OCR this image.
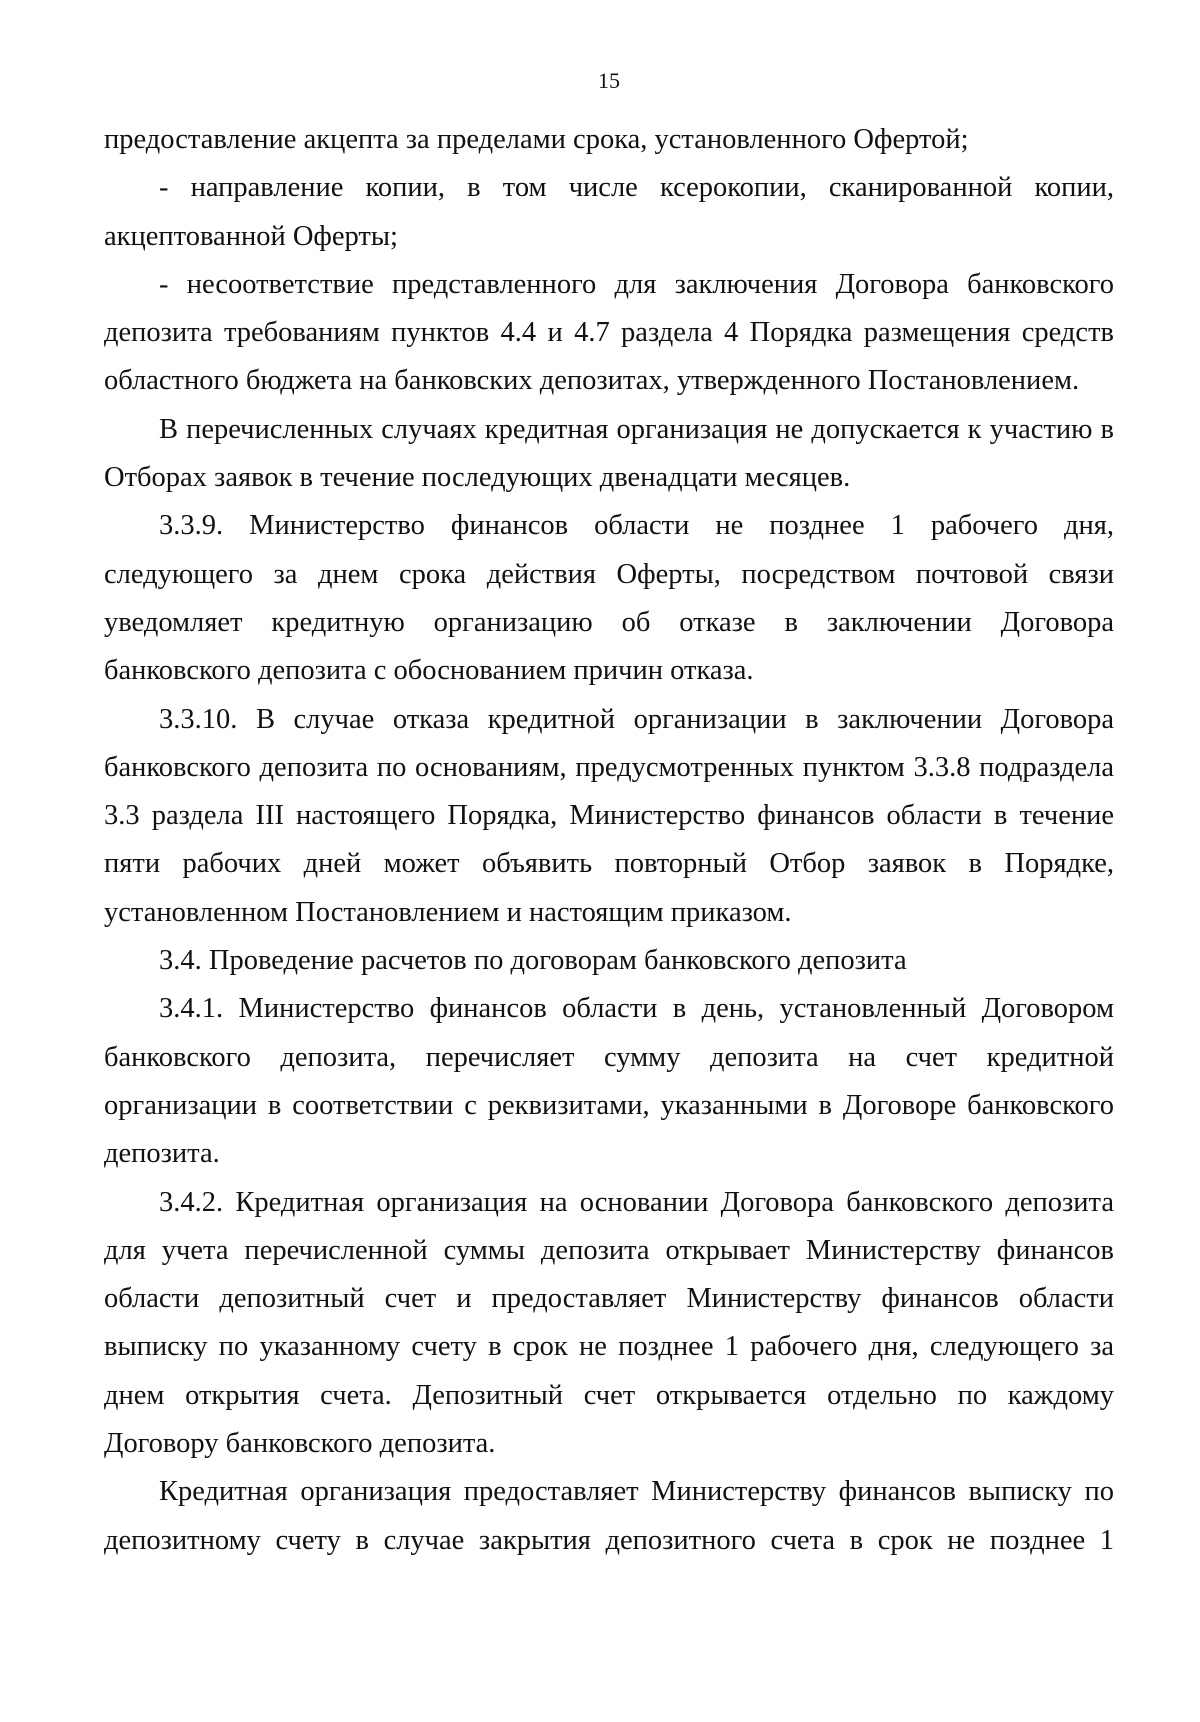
15

предоставление акцепта за пределами срока, установленного Офертой;

- направление копии, в том числе ксерокопии, сканированной копии, акцептованной Оферты;

- несоответствие представленного для заключения Договора банковского депозита требованиям пунктов 4.4 и 4.7 раздела 4 Порядка размещения средств областного бюджета на банковских депозитах, утвержденного Постановлением.

В перечисленных случаях кредитная организация не допускается к участию в Отборах заявок в течение последующих двенадцати месяцев.

3.3.9. Министерство финансов области не позднее 1 рабочего дня, следующего за днем срока действия Оферты, посредством почтовой связи уведомляет кредитную организацию об отказе в заключении Договора банковского депозита с обоснованием причин отказа.

3.3.10. В случае отказа кредитной организации в заключении Договора банковского депозита по основаниям, предусмотренных пунктом 3.3.8 подраздела 3.3 раздела III настоящего Порядка, Министерство финансов области в течение пяти рабочих дней может объявить повторный Отбор заявок в Порядке, установленном Постановлением и настоящим приказом.

3.4. Проведение расчетов по договорам банковского депозита

3.4.1. Министерство финансов области в день, установленный Договором банковского депозита, перечисляет сумму депозита на счет кредитной организации в соответствии с реквизитами, указанными в Договоре банковского депозита.

3.4.2. Кредитная организация на основании Договора банковского депозита для учета перечисленной суммы депозита открывает Министерству финансов области депозитный счет и предоставляет Министерству финансов области выписку по указанному счету в срок не позднее 1 рабочего дня, следующего за днем открытия счета. Депозитный счет открывается отдельно по каждому Договору банковского депозита.

Кредитная организация предоставляет Министерству финансов выписку по депозитному счету в случае закрытия депозитного счета в срок не позднее 1
